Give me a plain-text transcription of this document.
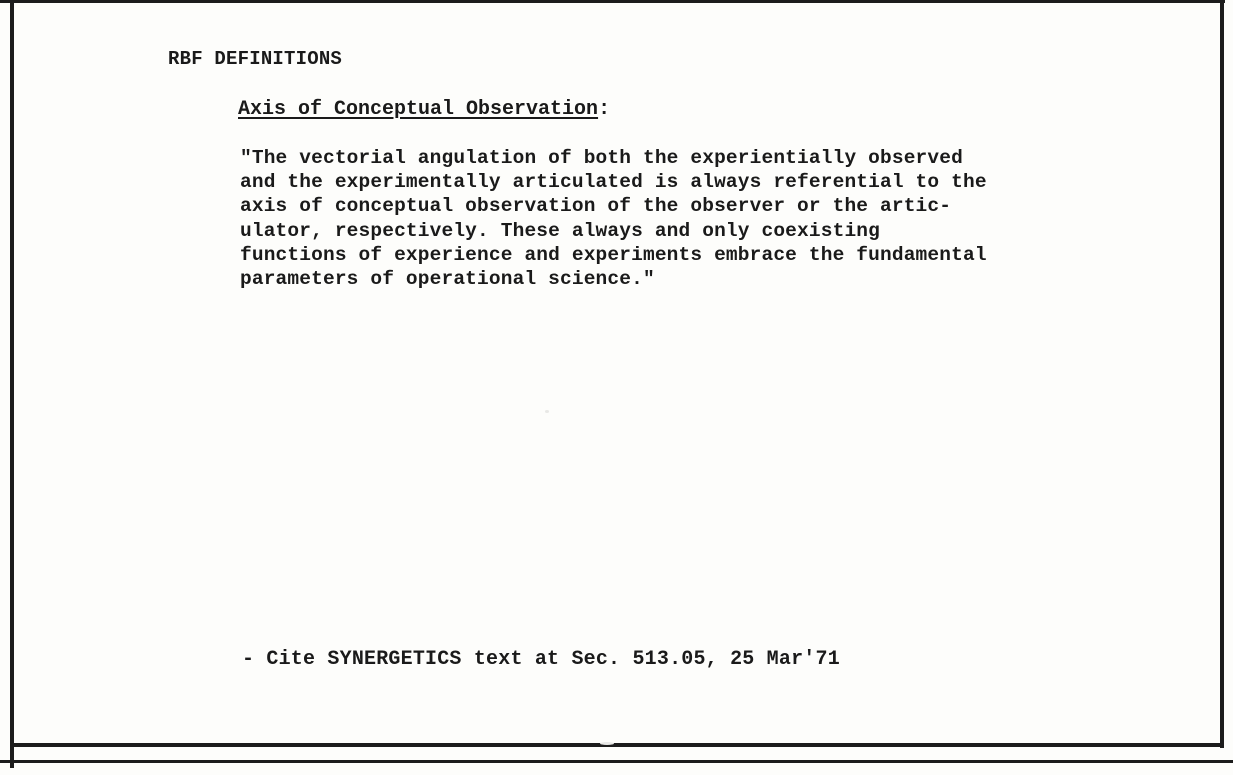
RBF DEFINITIONS
Axis of Conceptual Observation:
"The vectorial angulation of both the experientially observed
and the experimentally articulated is always referential to the
axis of conceptual observation of the observer or the artic-
ulator, respectively. These always and only coexisting
functions of experience and experiments embrace the fundamental
parameters of operational science."
- Cite SYNERGETICS text at Sec. 513.05, 25 Mar'71
